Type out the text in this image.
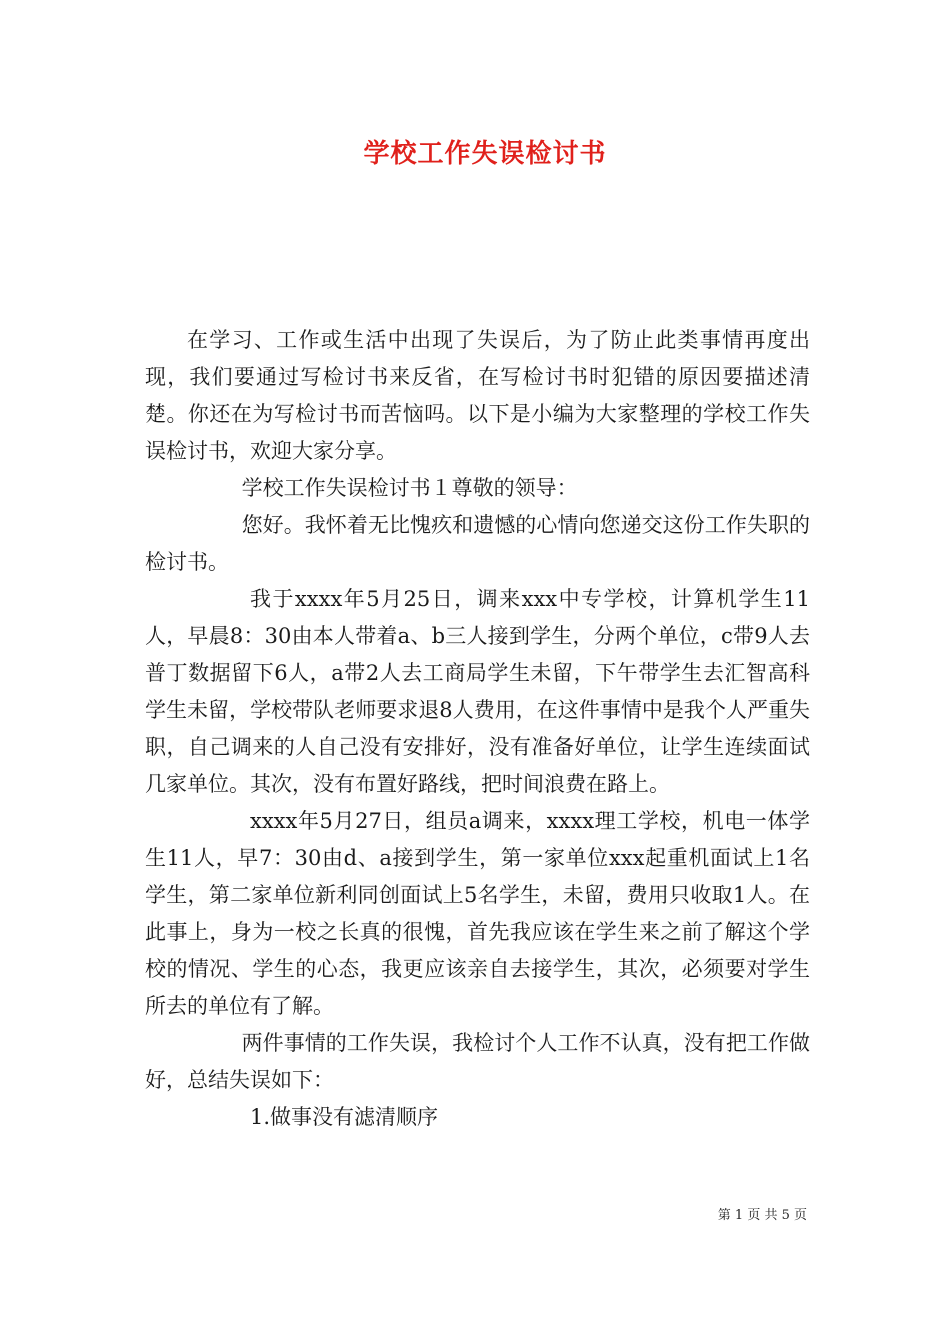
学校工作失误检讨书

在学习、工作或生活中出现了失误后，为了防止此类事情再度出现，我们要通过写检讨书来反省，在写检讨书时犯错的原因要描述清楚。你还在为写检讨书而苦恼吗。以下是小编为大家整理的学校工作失误检讨书，欢迎大家分享。

学校工作失误检讨书１尊敬的领导：

您好。我怀着无比愧疚和遗憾的心情向您递交这份工作失职的检讨书。

我于xxxx年5月25日，调来xxx中专学校，计算机学生11人，早晨8：30由本人带着a、b三人接到学生，分两个单位，c带9人去普丁数据留下6人，a带2人去工商局学生未留，下午带学生去汇智高科学生未留，学校带队老师要求退8人费用，在这件事情中是我个人严重失职，自己调来的人自己没有安排好，没有准备好单位，让学生连续面试几家单位。其次，没有布置好路线，把时间浪费在路上。

xxxx年5月27日，组员a调来，xxxx理工学校，机电一体学生11人，早7：30由d、a接到学生，第一家单位xxx起重机面试上1名学生，第二家单位新利同创面试上5名学生，未留，费用只收取1人。在此事上，身为一校之长真的很愧，首先我应该在学生来之前了解这个学校的情况、学生的心态，我更应该亲自去接学生，其次，必须要对学生所去的单位有了解。

两件事情的工作失误，我检讨个人工作不认真，没有把工作做好，总结失误如下：

1.做事没有滤清顺序

第 1 页 共 5 页
